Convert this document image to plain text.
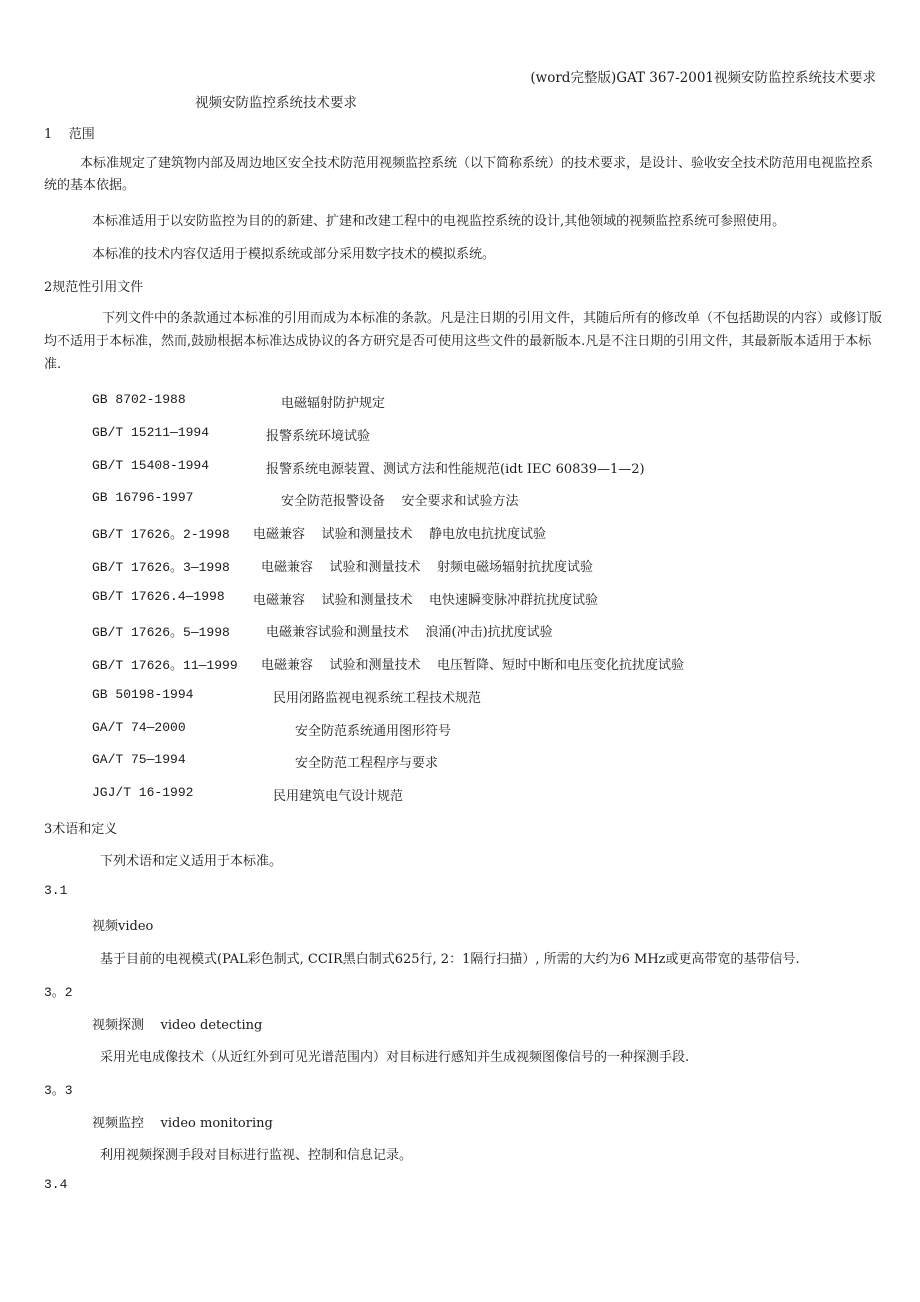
(word完整版)GAT 367-2001视频安防监控系统技术要求
视频安防监控系统技术要求
1    范围
本标准规定了建筑物内部及周边地区安全技术防范用视频监控系统（以下简称系统）的技术要求，是设计、验收安全技术防范用电视监控系统的基本依据。
本标准适用于以安防监控为目的的新建、扩建和改建工程中的电视监控系统的设计,其他领域的视频监控系统可参照使用。
本标准的技术内容仅适用于模拟系统或部分采用数字技术的模拟系统。
2规范性引用文件
下列文件中的条款通过本标准的引用而成为本标准的条款。凡是注日期的引用文件，其随后所有的修改单（不包括勘误的内容）或修订版均不适用于本标准，然而,鼓励根据本标准达成协议的各方研究是否可使用这些文件的最新版本.凡是不注日期的引用文件，其最新版本适用于本标准.
GB 8702-1988	电磁辐射防护规定
GB/T 15211—1994	报警系统环境试验
GB/T 15408-1994	报警系统电源装置、测试方法和性能规范(idt IEC 60839—1—2)
GB 16796-1997	安全防范报警设备    安全要求和试验方法
GB/T 17626。2-1998 电磁兼容    试验和测量技术    静电放电抗扰度试验
GB/T 17626。3—1998 电磁兼容    试验和测量技术    射频电磁场辐射抗扰度试验
GB/T 17626.4—1998 电磁兼容    试验和测量技术    电快速瞬变脉冲群抗扰度试验
GB/T 17626。5—1998	电磁兼容试验和测量技术    浪涌(冲击)抗扰度试验
GB/T 17626。11—1999 电磁兼容    试验和测量技术    电压暂降、短时中断和电压变化抗扰度试验
GB 50198-1994	民用闭路监视电视系统工程技术规范
GA/T 74—2000	安全防范系统通用图形符号
GA/T 75—1994	安全防范工程程序与要求
JGJ/T 16-1992	民用建筑电气设计规范
3术语和定义
下列术语和定义适用于本标准。
3.1
视频video
基于目前的电视模式(PAL彩色制式, CCIR黑白制式625行, 2：1隔行扫描）, 所需的大约为6 MHz或更高带宽的基带信号.
3。2
视频探测    video detecting
采用光电成像技术（从近红外到可见光谱范围内）对目标进行感知并生成视频图像信号的一种探测手段.
3。3
视频监控    video monitoring
利用视频探测手段对目标进行监视、控制和信息记录。
3.4
